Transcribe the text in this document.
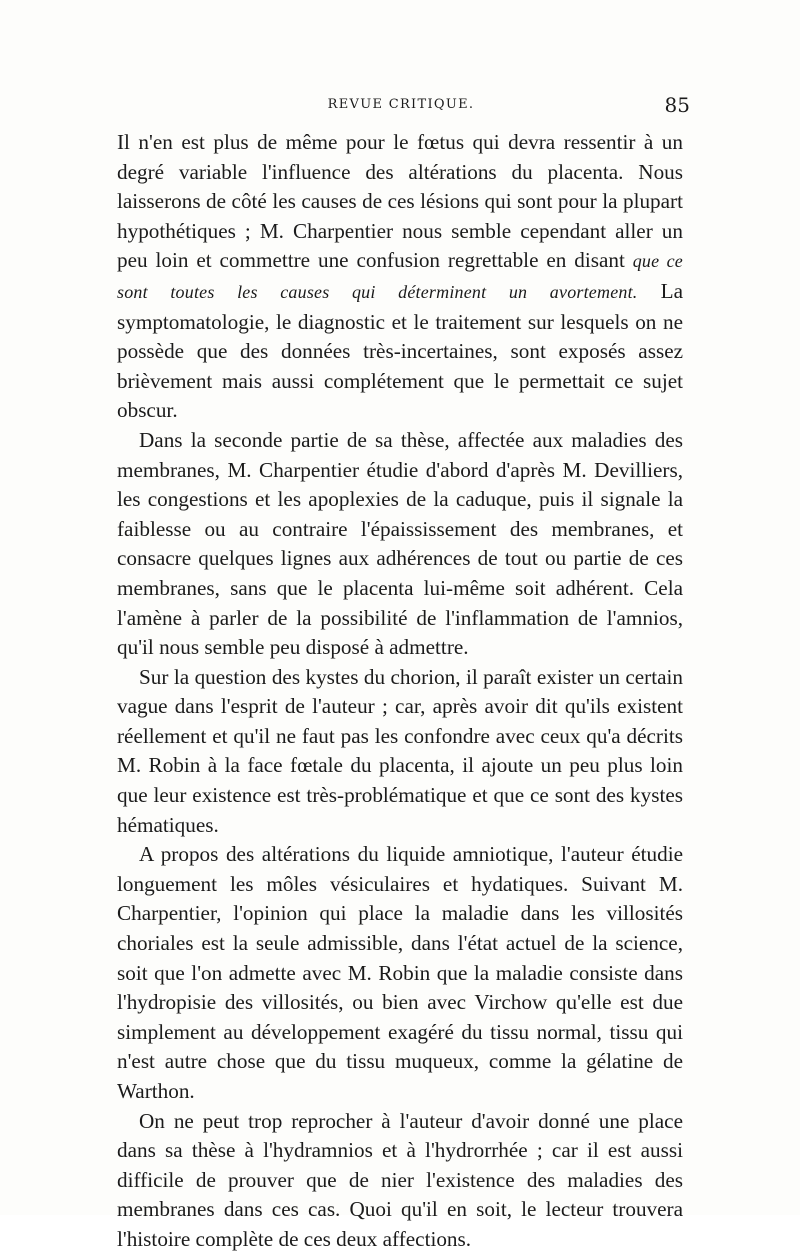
REVUE CRITIQUE.	85

Il n'en est plus de même pour le fœtus qui devra ressentir à un degré variable l'influence des altérations du placenta. Nous laisserons de côté les causes de ces lésions qui sont pour la plupart hypothétiques ; M. Charpentier nous semble cependant aller un peu loin et commettre une confusion regrettable en disant que ce sont toutes les causes qui déterminent un avortement. La symptomatologie, le diagnostic et le traitement sur lesquels on ne possède que des données très-incertaines, sont exposés assez brièvement mais aussi complétement que le permettait ce sujet obscur.

Dans la seconde partie de sa thèse, affectée aux maladies des membranes, M. Charpentier étudie d'abord d'après M. Devilliers, les congestions et les apoplexies de la caduque, puis il signale la faiblesse ou au contraire l'épaississement des membranes, et consacre quelques lignes aux adhérences de tout ou partie de ces membranes, sans que le placenta lui-même soit adhérent. Cela l'amène à parler de la possibilité de l'inflammation de l'amnios, qu'il nous semble peu disposé à admettre.

Sur la question des kystes du chorion, il paraît exister un certain vague dans l'esprit de l'auteur ; car, après avoir dit qu'ils existent réellement et qu'il ne faut pas les confondre avec ceux qu'a décrits M. Robin à la face fœtale du placenta, il ajoute un peu plus loin que leur existence est très-problématique et que ce sont des kystes hématiques.

A propos des altérations du liquide amniotique, l'auteur étudie longuement les môles vésiculaires et hydatiques. Suivant M. Charpentier, l'opinion qui place la maladie dans les villosités choriales est la seule admissible, dans l'état actuel de la science, soit que l'on admette avec M. Robin que la maladie consiste dans l'hydropisie des villosités, ou bien avec Virchow qu'elle est due simplement au développement exagéré du tissu normal, tissu qui n'est autre chose que du tissu muqueux, comme la gélatine de Warthon.

On ne peut trop reprocher à l'auteur d'avoir donné une place dans sa thèse à l'hydramnios et à l'hydrorrhée ; car il est aussi difficile de prouver que de nier l'existence des maladies des membranes dans ces cas. Quoi qu'il en soit, le lecteur trouvera l'histoire complète de ces deux affections.
